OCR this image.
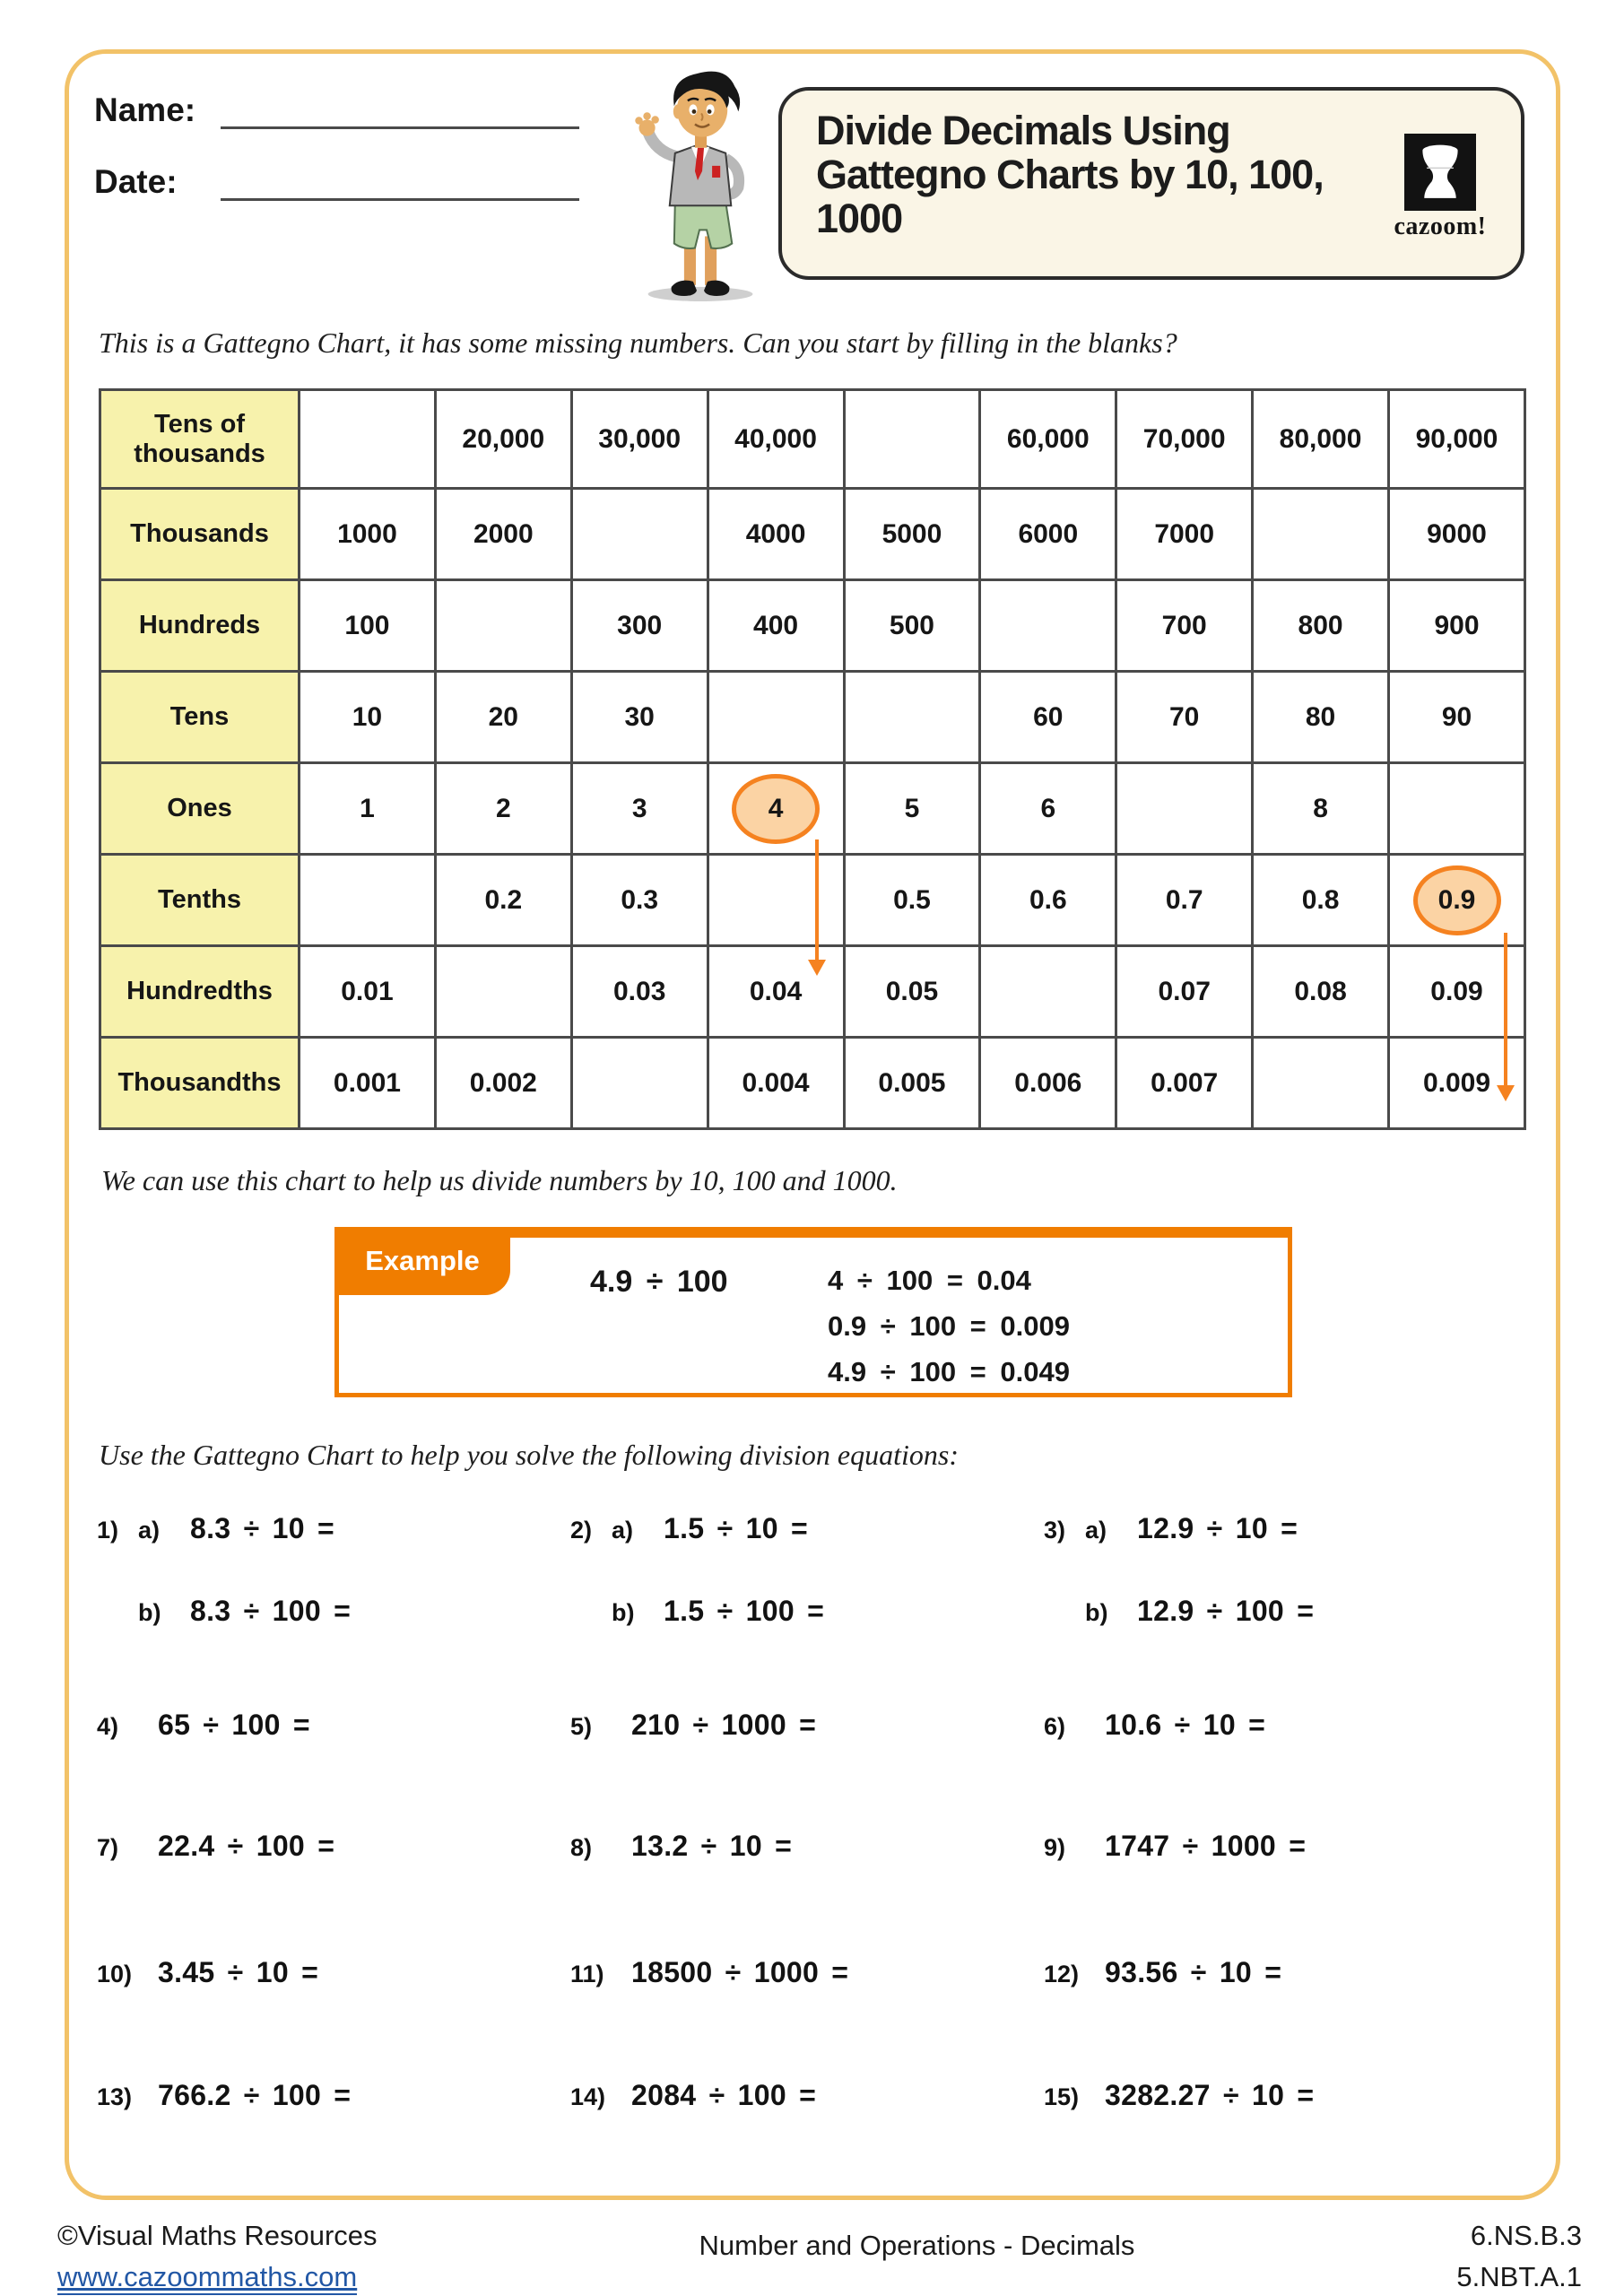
Name:
Date:
Divide Decimals Using Gattegno Charts by 10, 100, 1000	cazoom!

This is a Gattegno Chart, it has some missing numbers. Can you start by filling in the blanks?

Tens of thousands		20,000	30,000	40,000		60,000	70,000	80,000	90,000
Thousands	1000	2000		4000	5000	6000	7000		9000
Hundreds	100		300	400	500		700	800	900
Tens	10	20	30			60	70	80	90
Ones	1	2	3	4	5	6		8	
Tenths		0.2	0.3		0.5	0.6	0.7	0.8	0.9
Hundredths	0.01		0.03	0.04	0.05		0.07	0.08	0.09
Thousandths	0.001	0.002		0.004	0.005	0.006	0.007		0.009

We can use this chart to help us divide numbers by 10, 100 and 1000.

Example
4.9 ÷ 100	4 ÷ 100 = 0.04
0.9 ÷ 100 = 0.009
4.9 ÷ 100 = 0.049

Use the Gattegno Chart to help you solve the following division equations:

1) a)	8.3 ÷ 10 =	2) a)	1.5 ÷ 10 =	3) a)	12.9 ÷ 10 =
b)	8.3 ÷ 100 =	b)	1.5 ÷ 100 =	b)	12.9 ÷ 100 =
4)	65 ÷ 100 =	5)	210 ÷ 1000 =	6)	10.6 ÷ 10 =
7)	22.4 ÷ 100 =	8)	13.2 ÷ 10 =	9)	1747 ÷ 1000 =
10) 3.45 ÷ 10 =	11) 18500 ÷ 1000 =	12) 93.56 ÷ 10 =
13) 766.2 ÷ 100 =	14) 2084 ÷ 100 =	15) 3282.27 ÷ 10 =
©Visual Maths Resources
www.cazoommaths.com
Number and Operations - Decimals	6.NS.B.3
5.NBT.A.1
